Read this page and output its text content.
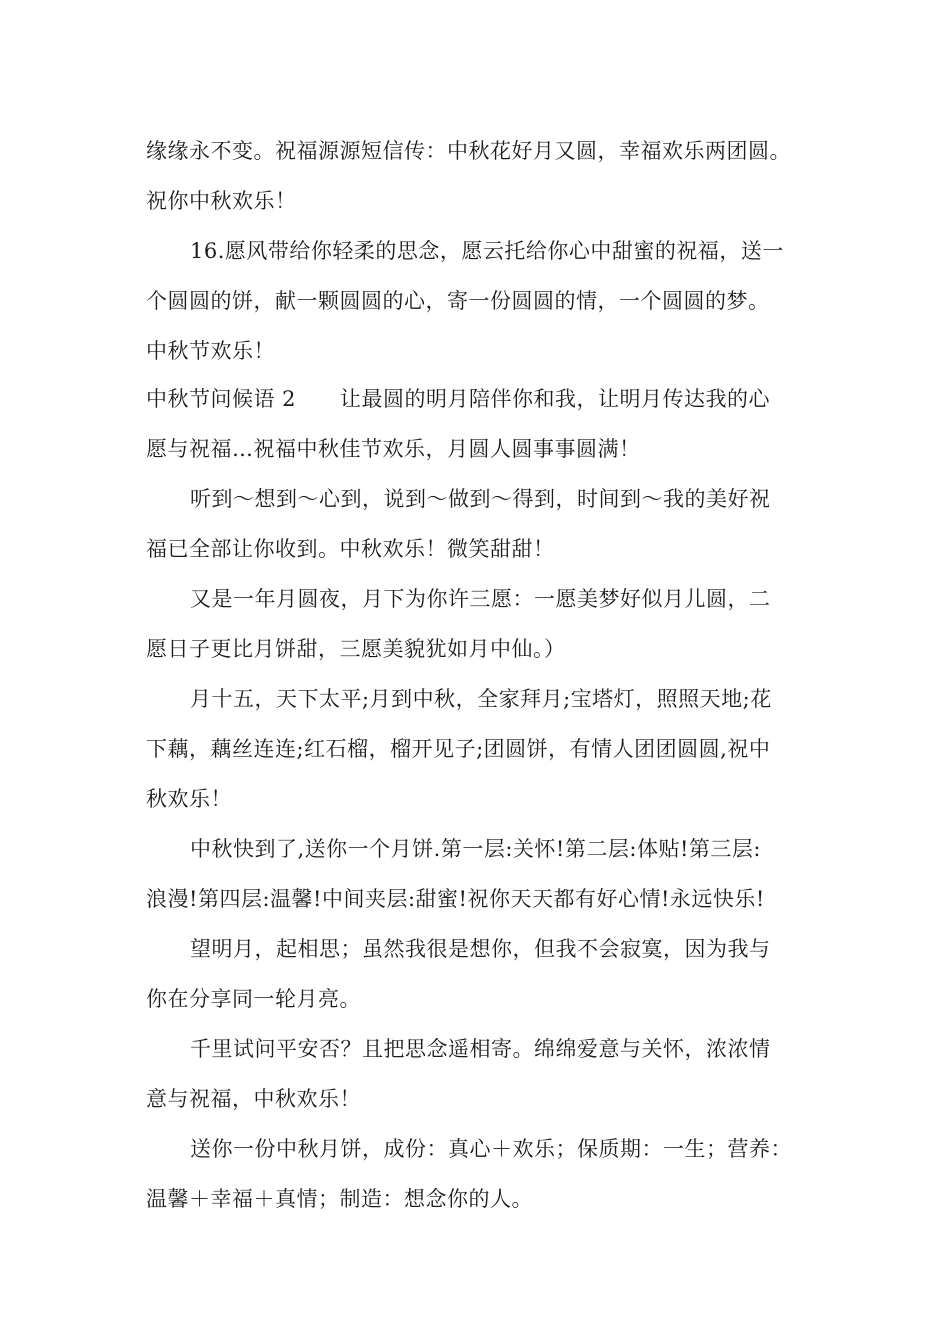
缘缘永不变。祝福源源短信传：中秋花好月又圆，幸福欢乐两团圆。
祝你中秋欢乐！
16.愿风带给你轻柔的思念，愿云托给你心中甜蜜的祝福，送一
个圆圆的饼，献一颗圆圆的心，寄一份圆圆的情，一个圆圆的梦。
中秋节欢乐！
中秋节问候语 2 让最圆的明月陪伴你和我，让明月传达我的心
愿与祝福…祝福中秋佳节欢乐，月圆人圆事事圆满！
听到～想到～心到，说到～做到～得到，时间到～我的美好祝
福已全部让你收到。中秋欢乐！微笑甜甜！
又是一年月圆夜，月下为你许三愿：一愿美梦好似月儿圆，二
愿日子更比月饼甜，三愿美貌犹如月中仙。）
月十五，天下太平;月到中秋，全家拜月;宝塔灯，照照天地;花
下藕，藕丝连连;红石榴，榴开见子;团圆饼，有情人团团圆圆,祝中
秋欢乐！
中秋快到了,送你一个月饼.第一层:关怀!第二层:体贴!第三层:
浪漫!第四层:温馨!中间夹层:甜蜜!祝你天天都有好心情!永远快乐!
望明月，起相思；虽然我很是想你，但我不会寂寞，因为我与
你在分享同一轮月亮。
千里试问平安否？且把思念遥相寄。绵绵爱意与关怀，浓浓情
意与祝福，中秋欢乐！
送你一份中秋月饼，成份：真心＋欢乐；保质期：一生；营养：
温馨＋幸福＋真情；制造：想念你的人。
